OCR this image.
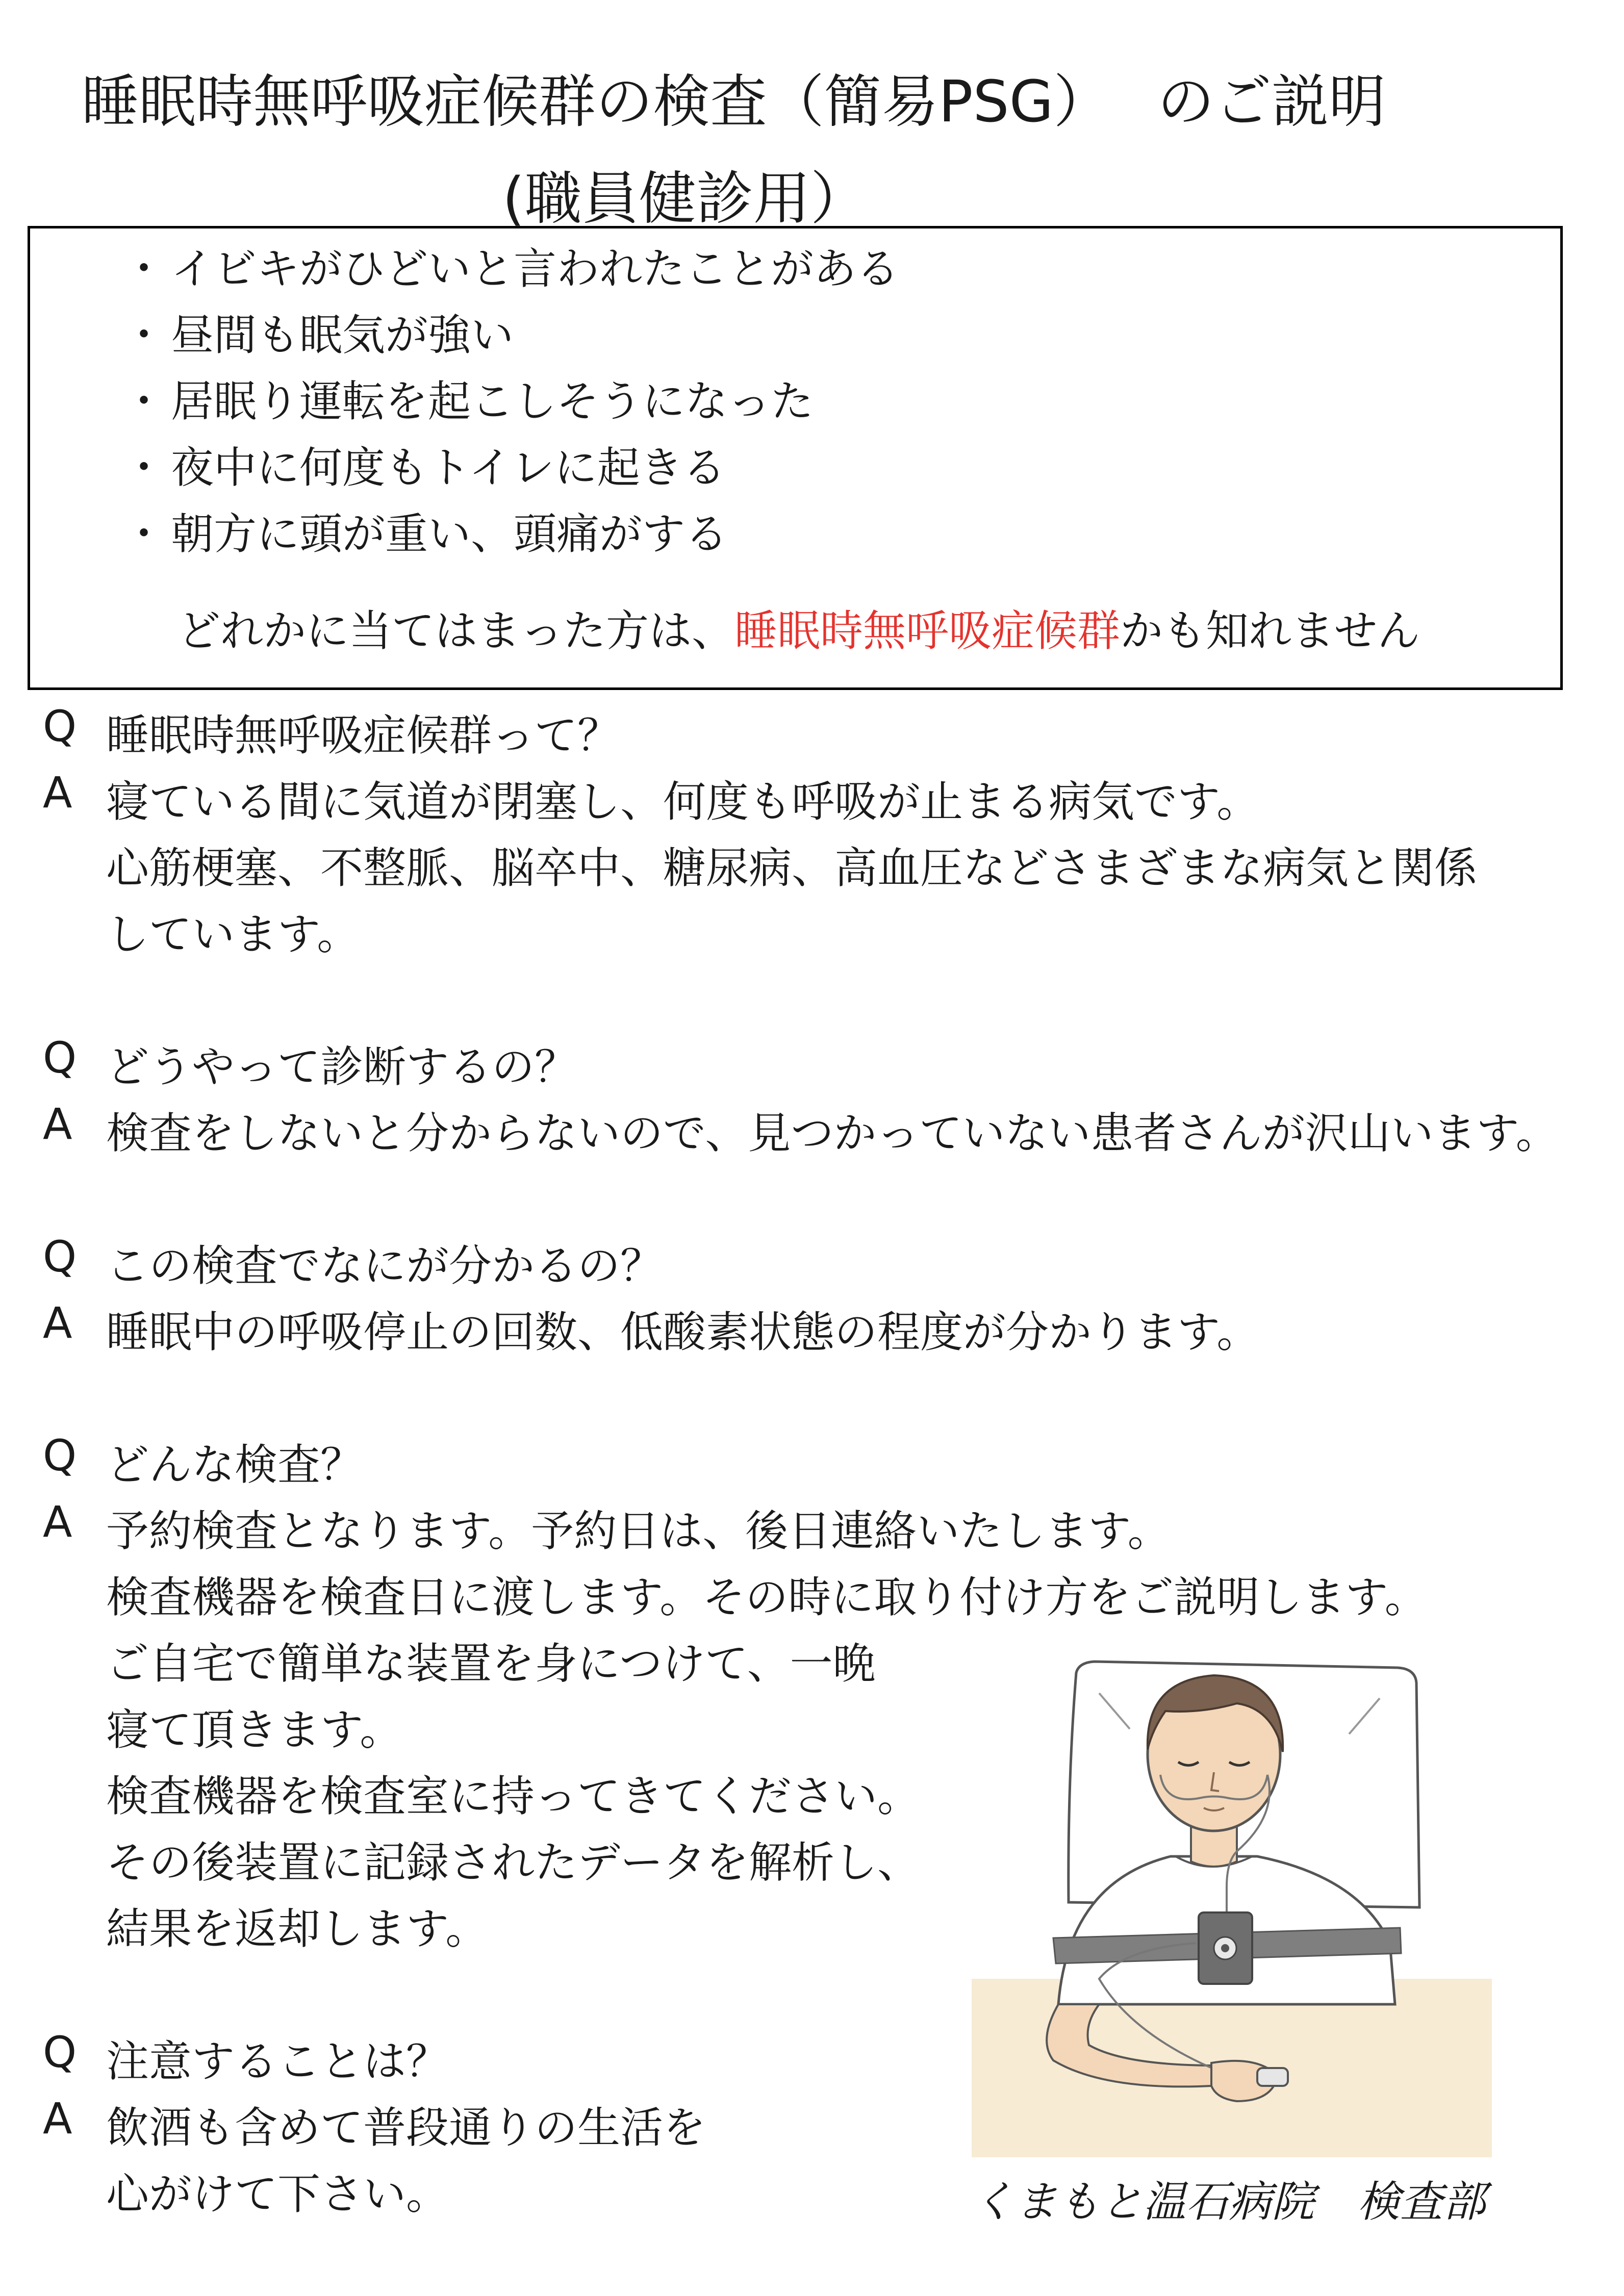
睡眠時無呼吸症候群の検査（簡易PSG）　 のご説明
(職員健診用）
・ イビキがひどいと言われたことがある
・ 昼間も眠気が強い
・ 居眠り運転を起こしそうになった
・ 夜中に何度もトイレに起きる
・ 朝方に頭が重い、頭痛がする
どれかに当てはまった方は、睡眠時無呼吸症候群かも知れません
Q 睡眠時無呼吸症候群って？
A 寝ている間に気道が閉塞し、何度も呼吸が止まる病気です。
心筋梗塞、不整脈、脳卒中、糖尿病、高血圧などさまざまな病気と関係
しています。
Q どうやって診断するの？
A 検査をしないと分からないので、見つかっていない患者さんが沢山います。
Q この検査でなにが分かるの？
A 睡眠中の呼吸停止の回数、低酸素状態の程度が分かります。
Q どんな検査？
A 予約検査となります。予約日は、後日連絡いたします。
検査機器を検査日に渡します。その時に取り付け方をご説明します。
ご自宅で簡単な装置を身につけて、一晩
寝て頂きます。
検査機器を検査室に持ってきてください。
その後装置に記録されたデータを解析し、
結果を返却します。
Q 注意することは？
A 飲酒も含めて普段通りの生活を
心がけて下さい。	くまもと温石病院　検査部
